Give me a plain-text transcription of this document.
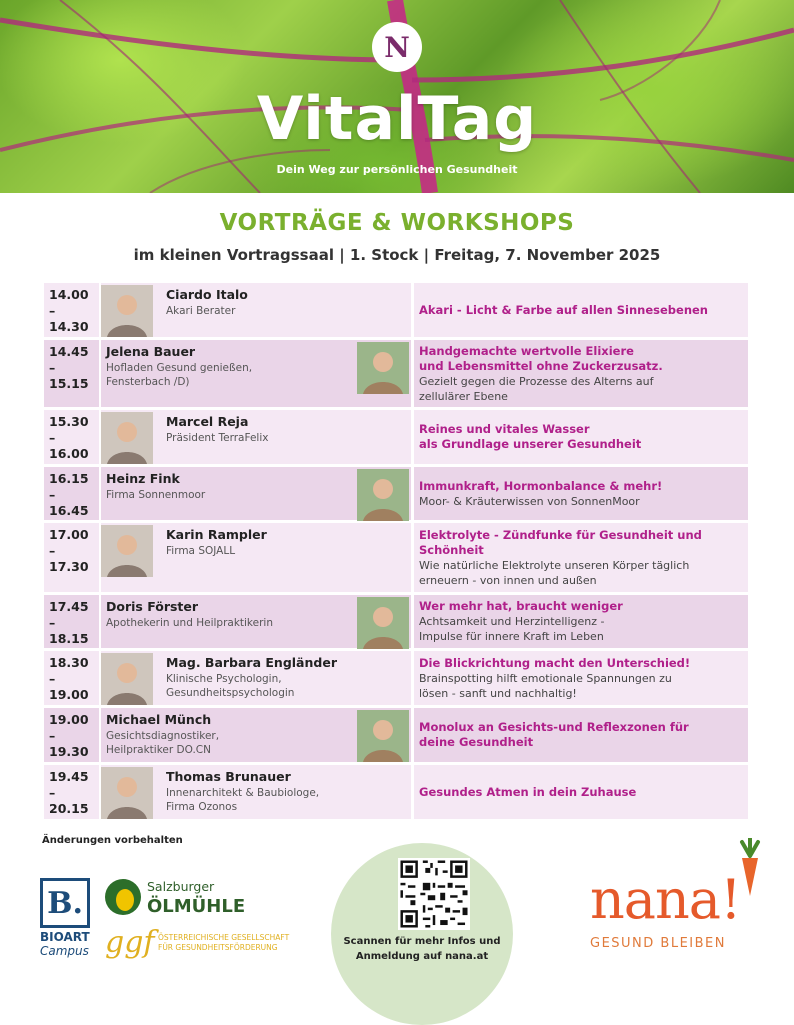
N
VitalTag
Dein Weg zur persönlichen Gesundheit
VORTRÄGE & WORKSHOPS
im kleinen Vortragssaal | 1. Stock | Freitag, 7. November 2025
14.00 –
14.30
Ciardo Italo
Akari Berater	Akari - Licht & Farbe auf allen Sinnesebenen
14.45 –
15.15
Jelena Bauer
Hofladen Gesund genießen,
Fensterbach /D)
Handgemachte wertvolle Elixiere
und Lebensmittel ohne Zuckerzusatz.
Gezielt gegen die Prozesse des Alterns auf
zellulärer Ebene
15.30 –
16.00
Marcel Reja
Präsident TerraFelix
Reines und vitales Wasser
als Grundlage unserer Gesundheit
16.15 –
16.45
Heinz Fink
Firma Sonnenmoor
Immunkraft, Hormonbalance & mehr!
Moor- & Kräuterwissen von SonnenMoor
17.00 –
17.30
Karin Rampler
Firma SOJALL
Elektrolyte - Zündfunke für Gesundheit und
Schönheit
Wie natürliche Elektrolyte unseren Körper täglich
erneuern - von innen und außen
17.45 –
18.15
Doris Förster
Apothekerin und Heilpraktikerin
Wer mehr hat, braucht weniger
Achtsamkeit und Herzintelligenz -
Impulse für innere Kraft im Leben
18.30 –
19.00
Mag. Barbara Engländer
Klinische Psychologin,
Gesundheitspsychologin
Die Blickrichtung macht den Unterschied!
Brainspotting hilft emotionale Spannungen zu
lösen - sanft und nachhaltig!
19.00 –
19.30
Michael Münch
Gesichtsdiagnostiker,
Heilpraktiker DO.CN
Monolux an Gesichts-und Reflexzonen für
deine Gesundheit
19.45 –
20.15
Thomas Brunauer
Innenarchitekt & Baubiologe,
Firma Ozonos
Gesundes Atmen in dein Zuhause
Änderungen vorbehalten
B.
BIOART
Campus
Salzburger
ÖLMÜHLE
ggf ÖSTERREICHISCHE GESELLSCHAFT
FÜR GESUNDHEITSFÖRDERUNG
Scannen für mehr Infos und
Anmeldung auf nana.at
nana!
GESUND BLEIBEN
